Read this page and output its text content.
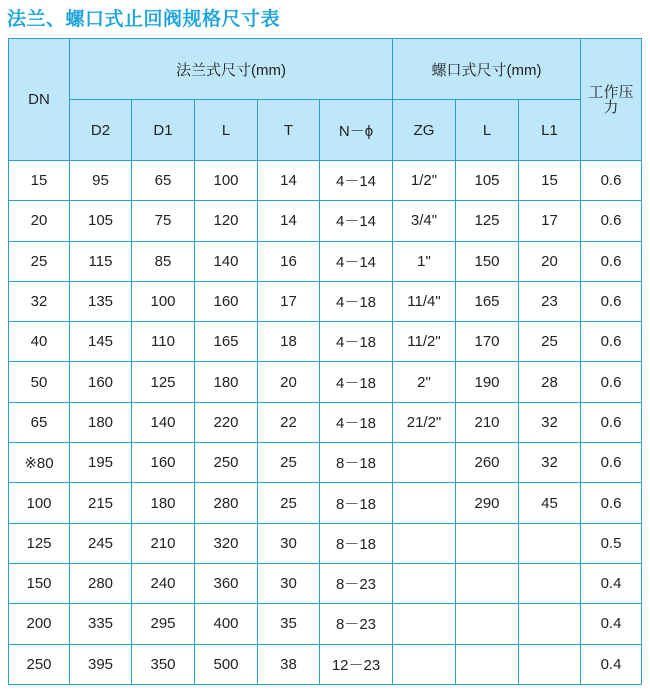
法兰、螺口式止回阀规格尺寸表
DN	法兰式尺寸(mm)					螺口式尺寸(mm)			工作压
力
	D2	D1	L	T	N－ϕ	ZG	L	L1	
15	95	65	100	14	4－14	1/2"	105	15	0.6
20	105	75	120	14	4－14	3/4"	125	17	0.6
25	115	85	140	16	4－14	1"	150	20	0.6
32	135	100	160	17	4－18	11/4"	165	23	0.6
40	145	110	165	18	4－18	11/2"	170	25	0.6
50	160	125	180	20	4－18	2"	190	28	0.6
65	180	140	220	22	4－18	21/2"	210	32	0.6
※80	195	160	250	25	8－18		260	32	0.6
100	215	180	280	25	8－18		290	45	0.6
125	245	210	320	30	8－18				0.5
150	280	240	360	30	8－23				0.4
200	335	295	400	35	8－23				0.4
250	395	350	500	38	12－23				0.4
